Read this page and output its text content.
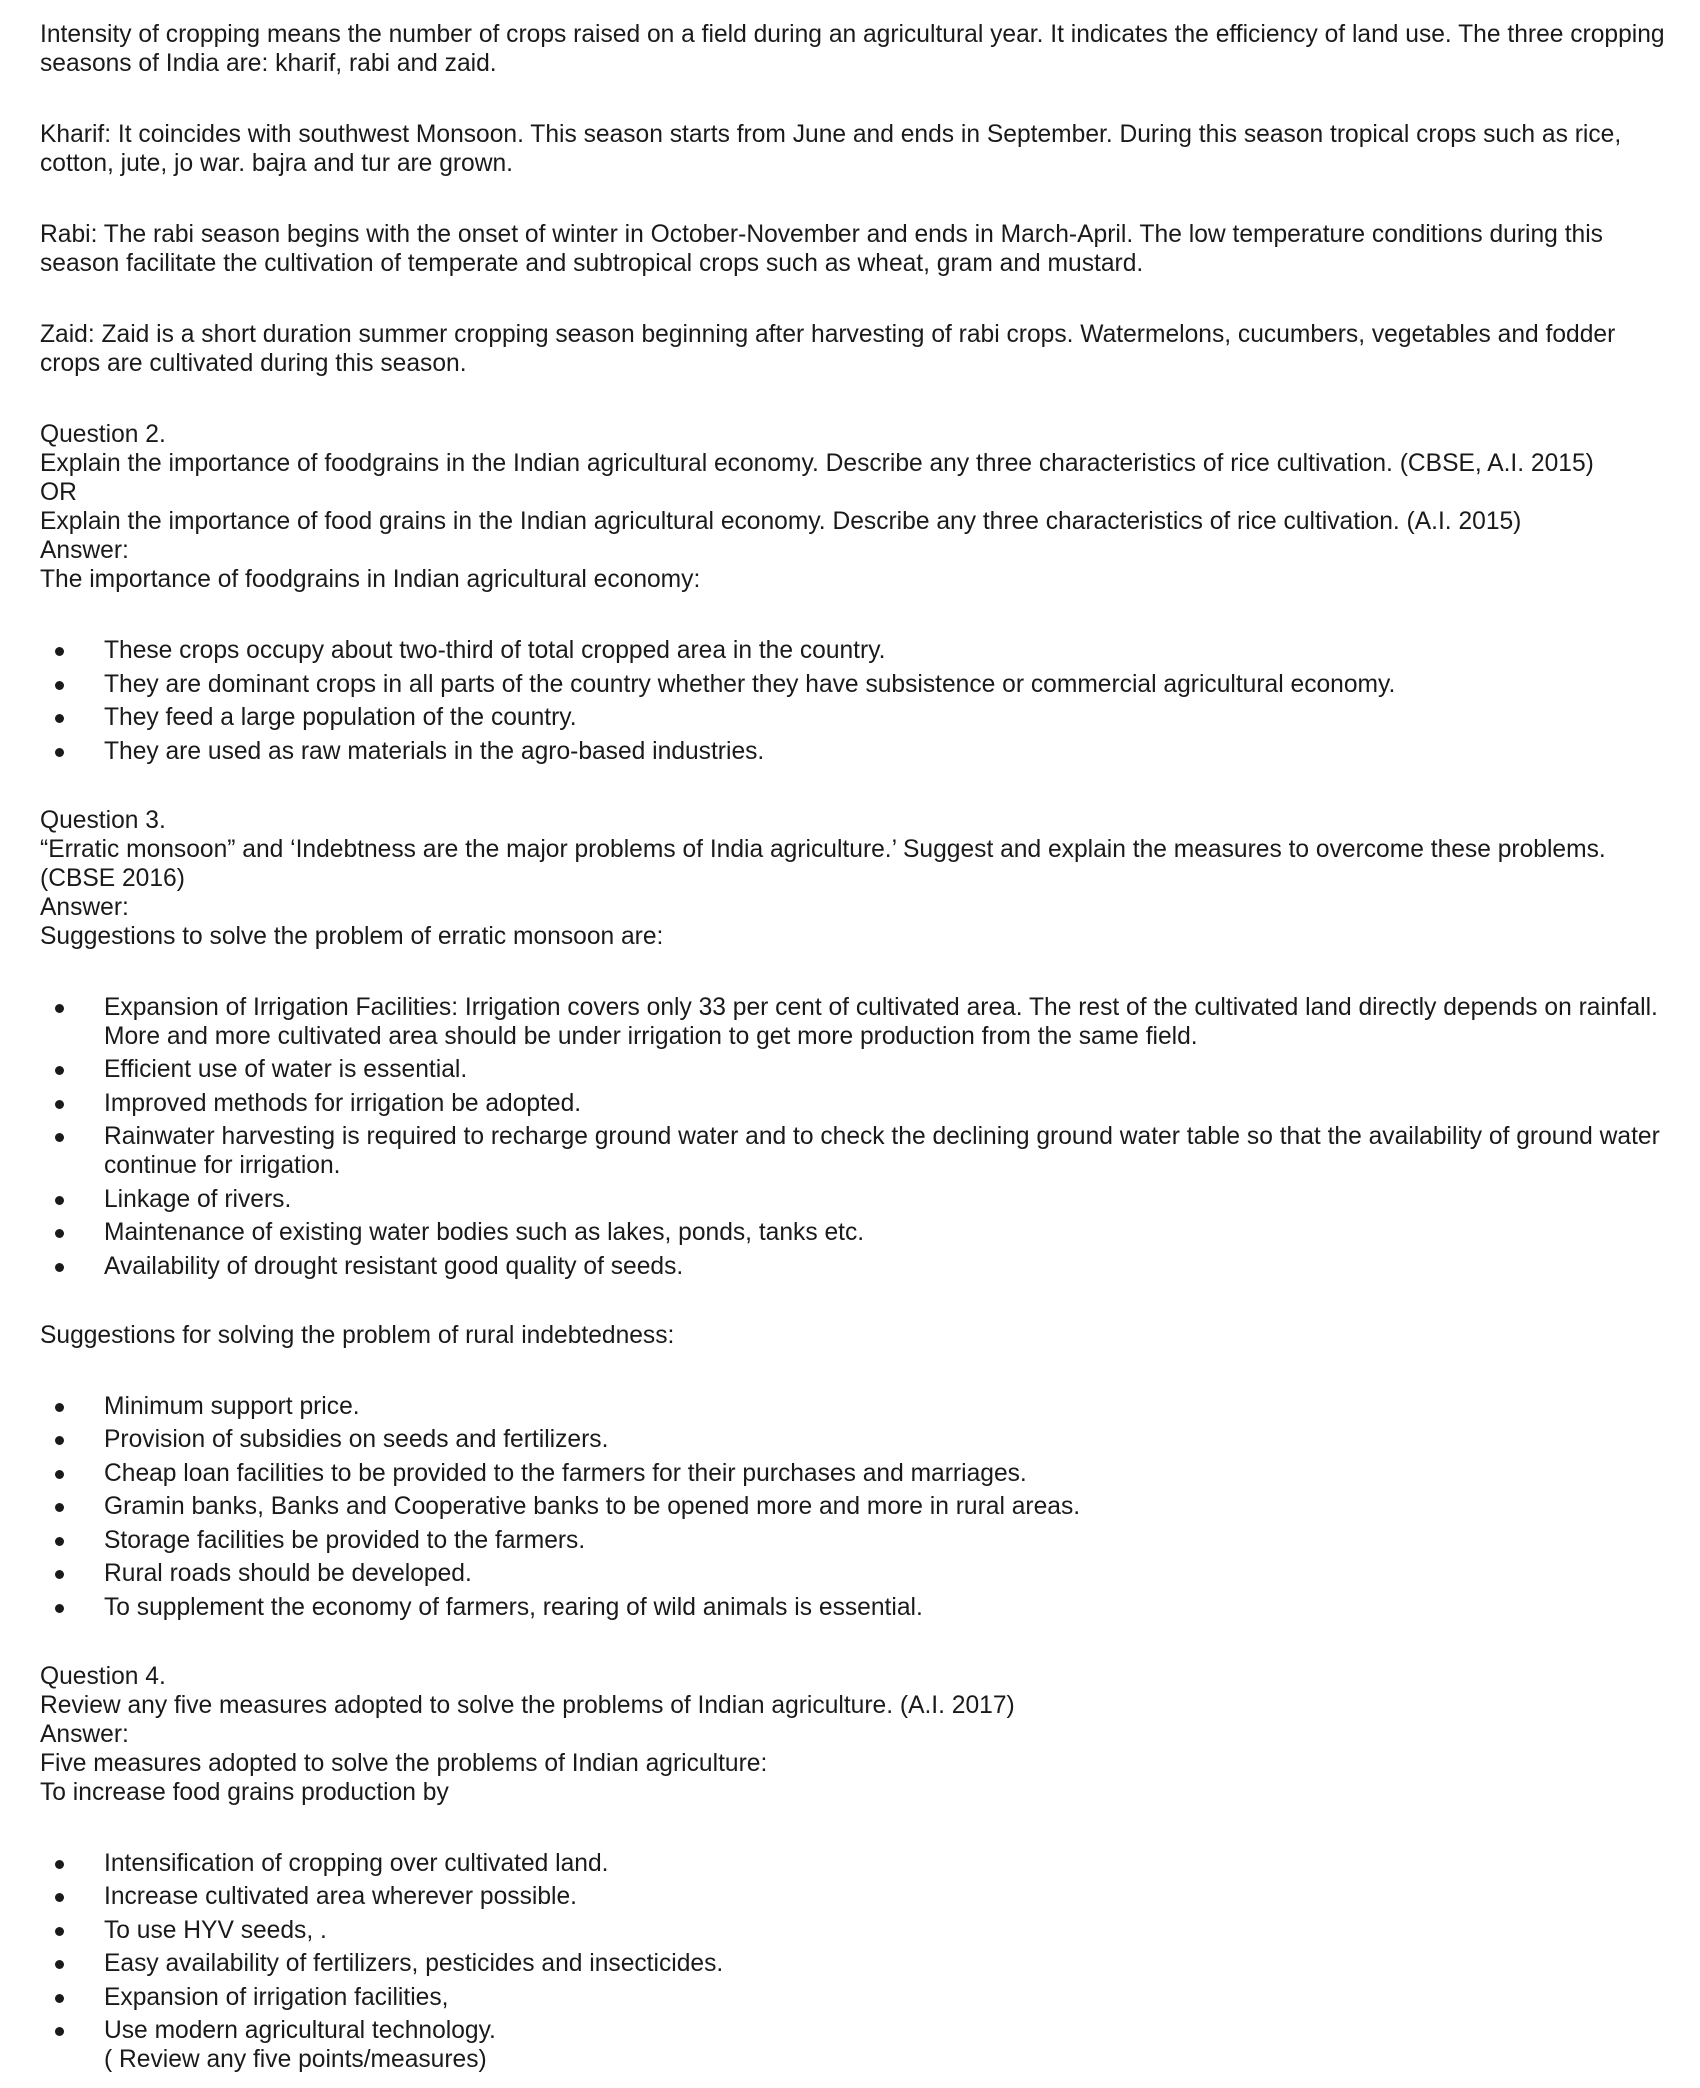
Intensity of cropping means the number of crops raised on a field during an agricultural year. It indicates the efficiency of land use. The three cropping seasons of India are: kharif, rabi and zaid.

Kharif: It coincides with southwest Monsoon. This season starts from June and ends in September. During this season tropical crops such as rice, cotton, jute, jo war. bajra and tur are grown.

Rabi: The rabi season begins with the onset of winter in October-November and ends in March-April. The low temperature conditions during this season facilitate the cultivation of temperate and subtropical crops such as wheat, gram and mustard.

Zaid: Zaid is a short duration summer cropping season beginning after harvesting of rabi crops. Watermelons, cucumbers, vegetables and fodder crops are cultivated during this season.

Question 2.

Explain the importance of foodgrains in the Indian agricultural economy. Describe any three characteristics of rice cultivation. (CBSE, A.I. 2015)

OR

Explain the importance of food grains in the Indian agricultural economy. Describe any three characteristics of rice cultivation. (A.I. 2015)

Answer:

The importance of foodgrains in Indian agricultural economy:

These crops occupy about two-third of total cropped area in the country.
They are dominant crops in all parts of the country whether they have subsistence or commercial agricultural economy.
They feed a large population of the country.
They are used as raw materials in the agro-based industries.

Question 3.

“Erratic monsoon” and ‘Indebtness are the major problems of India agriculture.’ Suggest and explain the measures to overcome these problems. (CBSE 2016)

Answer:

Suggestions to solve the problem of erratic monsoon are:

Expansion of Irrigation Facilities: Irrigation covers only 33 per cent of cultivated area. The rest of the cultivated land directly depends on rainfall. More and more cultivated area should be under irrigation to get more production from the same field.
Efficient use of water is essential.
Improved methods for irrigation be adopted.
Rainwater harvesting is required to recharge ground water and to check the declining ground water table so that the availability of ground water continue for irrigation.
Linkage of rivers.
Maintenance of existing water bodies such as lakes, ponds, tanks etc.
Availability of drought resistant good quality of seeds.

Suggestions for solving the problem of rural indebtedness:

Minimum support price.
Provision of subsidies on seeds and fertilizers.
Cheap loan facilities to be provided to the farmers for their purchases and marriages.
Gramin banks, Banks and Cooperative banks to be opened more and more in rural areas.
Storage facilities be provided to the farmers.
Rural roads should be developed.
To supplement the economy of farmers, rearing of wild animals is essential.

Question 4.

Review any five measures adopted to solve the problems of Indian agriculture. (A.I. 2017)

Answer:

Five measures adopted to solve the problems of Indian agriculture:

To increase food grains production by

Intensification of cropping over cultivated land.
Increase cultivated area wherever possible.
To use HYV seeds, .
Easy availability of fertilizers, pesticides and insecticides.
Expansion of irrigation facilities,
Use modern agricultural technology.
( Review any five points/measures)
